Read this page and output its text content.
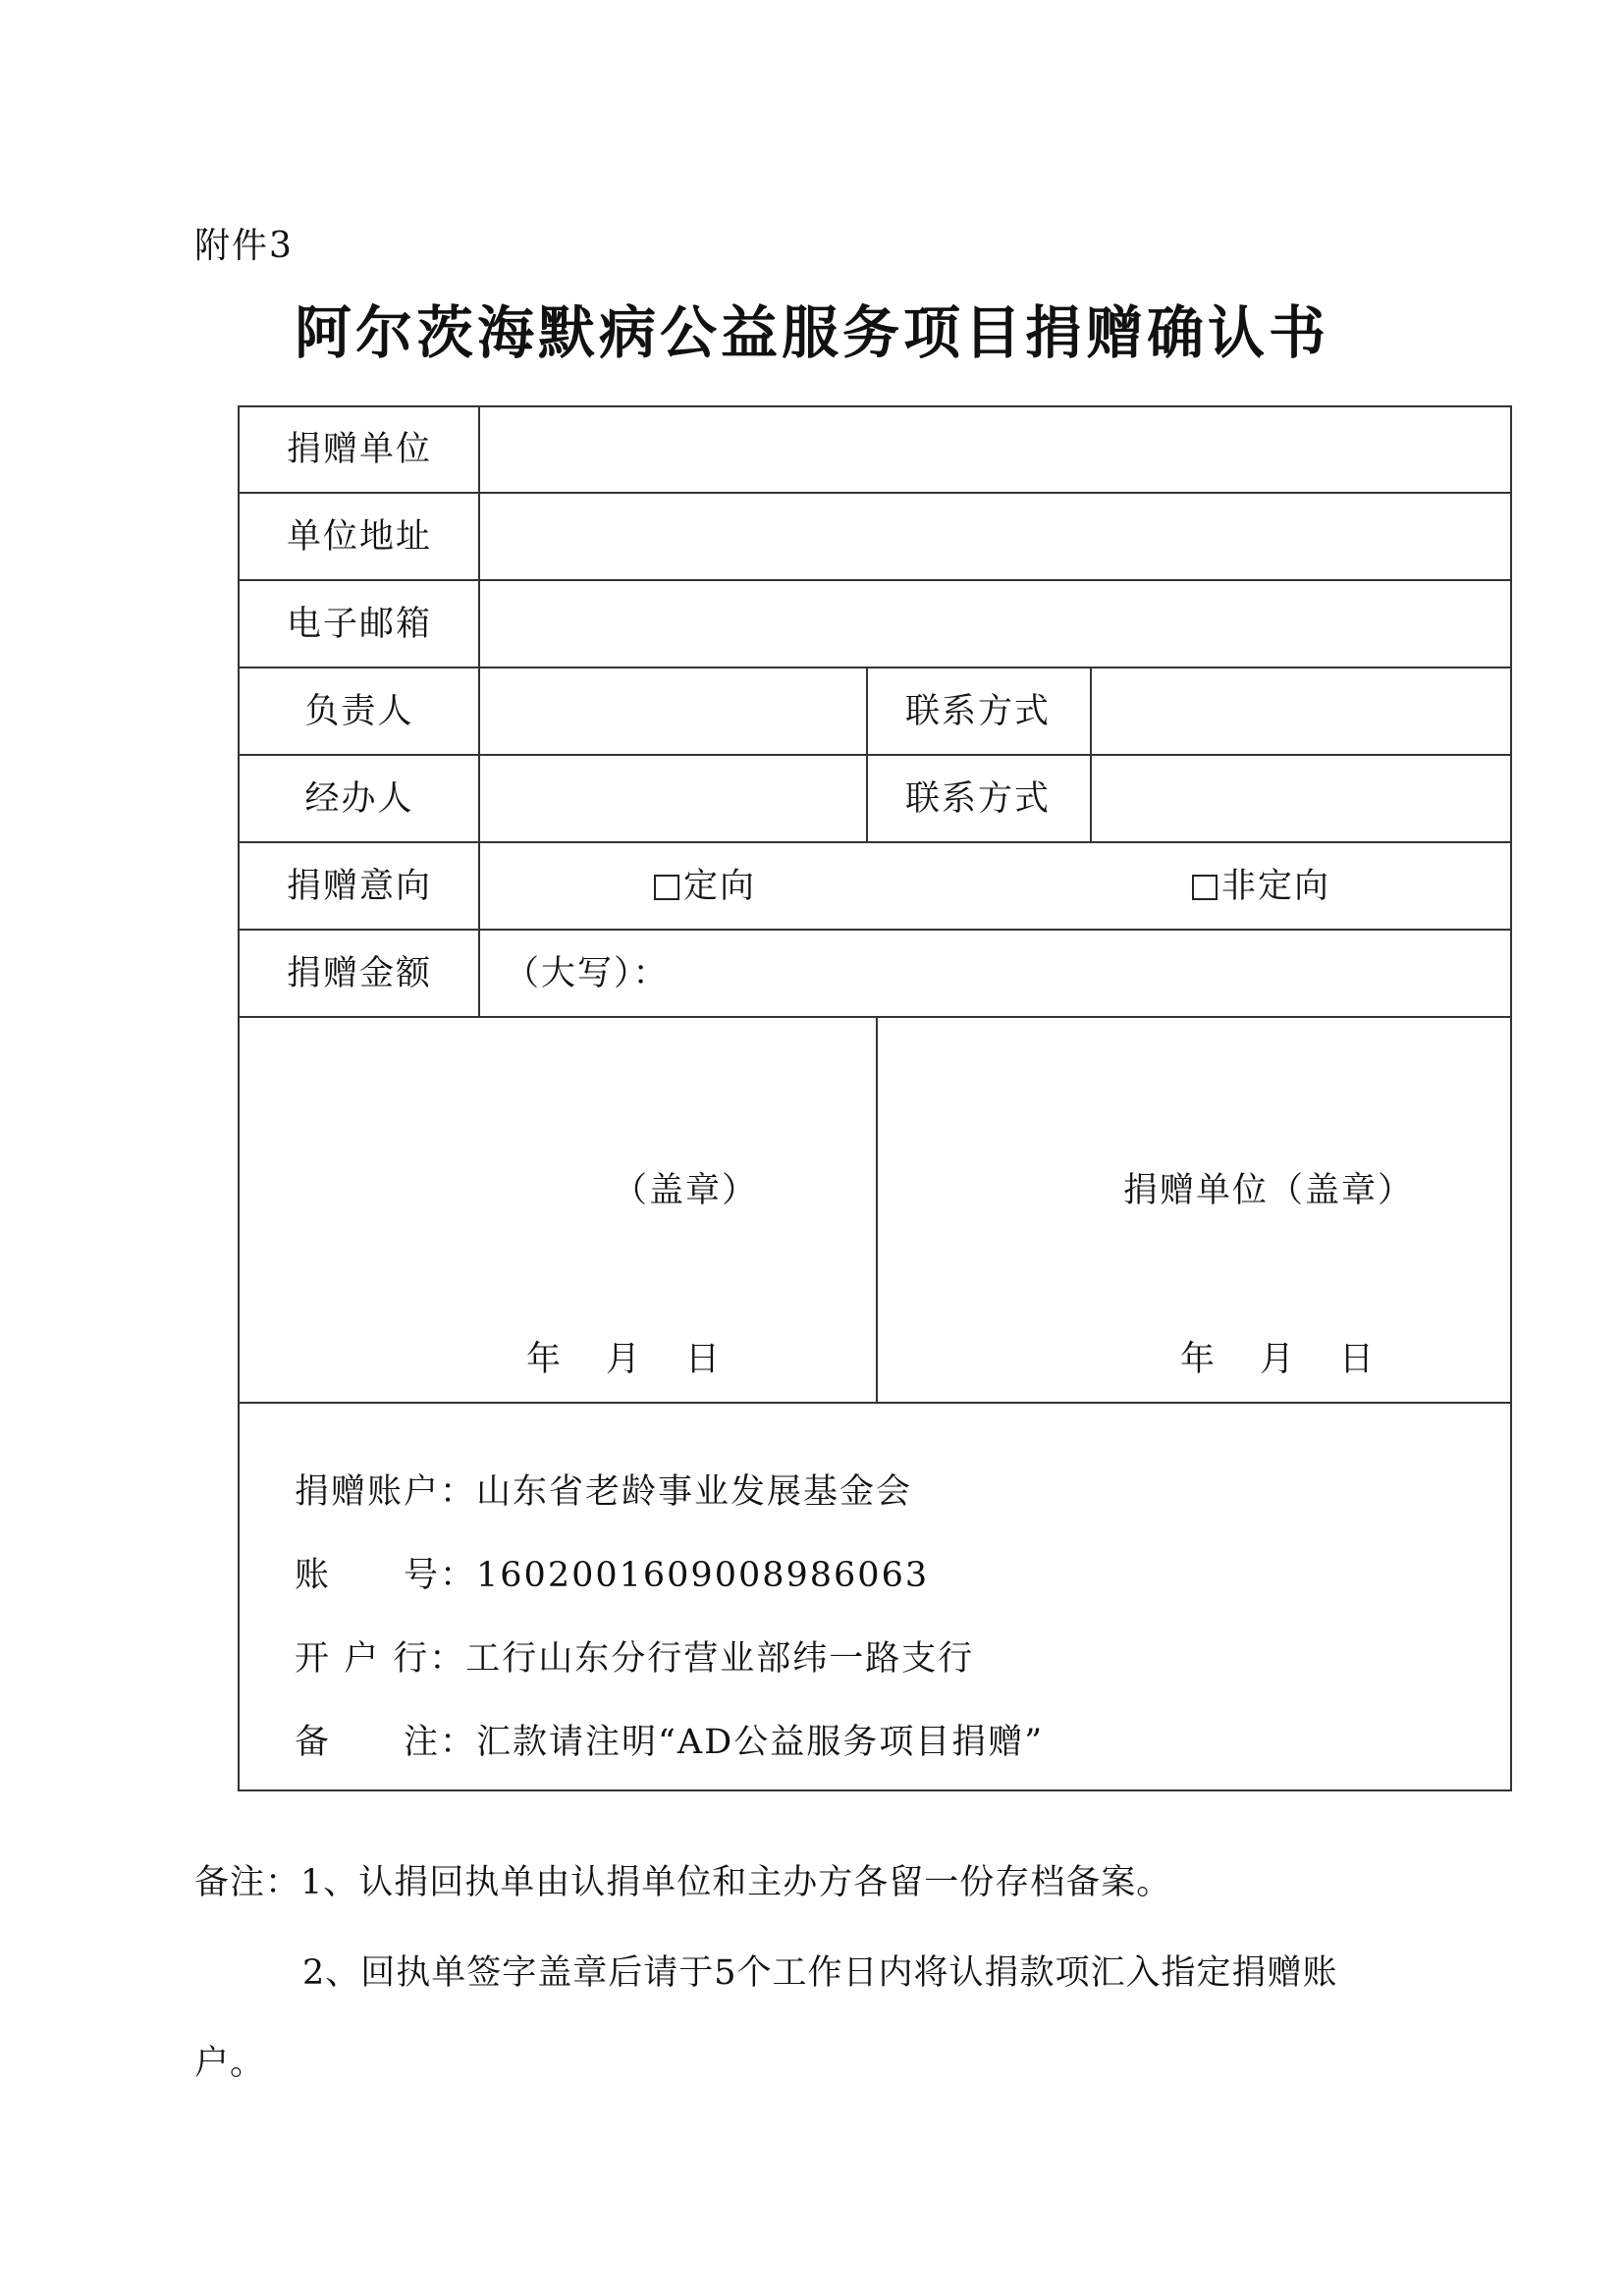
附件3
阿尔茨海默病公益服务项目捐赠确认书
捐赠单位
单位地址
电子邮箱
负责人
经办人
捐赠意向
捐赠金额
联系方式
联系方式
定向	非定向
（大写）：
（盖章）
年 月 日
捐赠单位（盖章）
年 月 日
捐赠账户：山东省老龄事业发展基金会
账　　号：1602001609008986063
开 户 行：工行山东分行营业部纬一路支行
备　　注：汇款请注明“AD公益服务项目捐赠”
备注：1、认捐回执单由认捐单位和主办方各留一份存档备案。
2、回执单签字盖章后请于5个工作日内将认捐款项汇入指定捐赠账
户。
